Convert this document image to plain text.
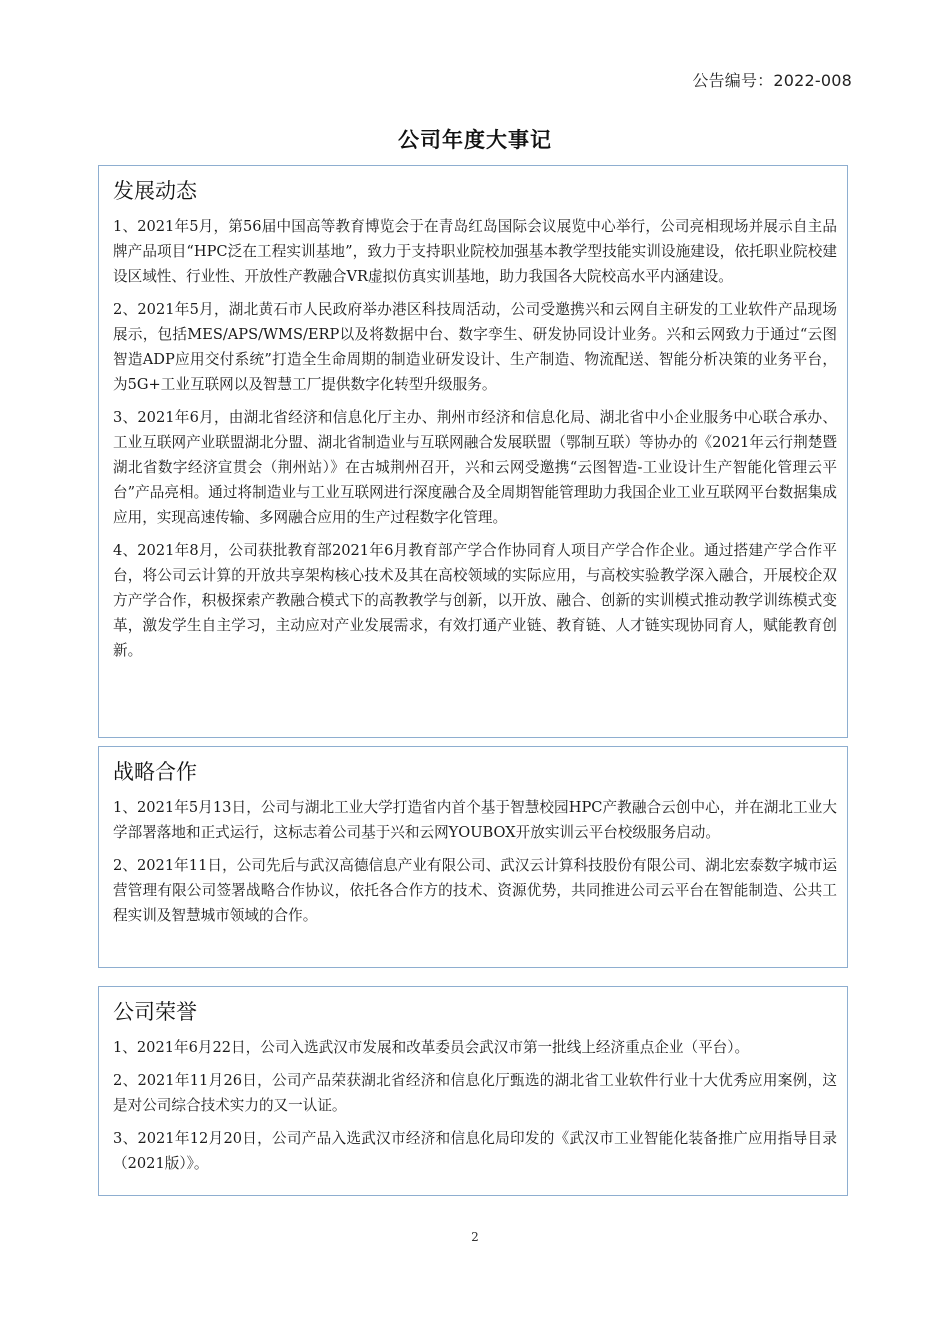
公告编号：2022-008
公司年度大事记
发展动态

1、2021年5月，第56届中国高等教育博览会于在青岛红岛国际会议展览中心举行，公司亮相现场并展示自主品牌产品项目“HPC泛在工程实训基地”，致力于支持职业院校加强基本教学型技能实训设施建设，依托职业院校建设区域性、行业性、开放性产教融合VR虚拟仿真实训基地，助力我国各大院校高水平内涵建设。

2、2021年5月，湖北黄石市人民政府举办港区科技周活动，公司受邀携兴和云网自主研发的工业软件产品现场展示，包括MES/APS/WMS/ERP以及将数据中台、数字孪生、研发协同设计业务。兴和云网致力于通过“云图智造ADP应用交付系统”打造全生命周期的制造业研发设计、生产制造、物流配送、智能分析决策的业务平台，为5G+工业互联网以及智慧工厂提供数字化转型升级服务。

3、2021年6月，由湖北省经济和信息化厅主办、荆州市经济和信息化局、湖北省中小企业服务中心联合承办、工业互联网产业联盟湖北分盟、湖北省制造业与互联网融合发展联盟（鄂制互联）等协办的《2021年云行荆楚暨湖北省数字经济宣贯会（荆州站）》在古城荆州召开，兴和云网受邀携“云图智造-工业设计生产智能化管理云平台”产品亮相。通过将制造业与工业互联网进行深度融合及全周期智能管理助力我国企业工业互联网平台数据集成应用，实现高速传输、多网融合应用的生产过程数字化管理。

4、2021年8月，公司获批教育部2021年6月教育部产学合作协同育人项目产学合作企业。通过搭建产学合作平台，将公司云计算的开放共享架构核心技术及其在高校领域的实际应用，与高校实验教学深入融合，开展校企双方产学合作，积极探索产教融合模式下的高教教学与创新，以开放、融合、创新的实训模式推动教学训练模式变革，激发学生自主学习，主动应对产业发展需求，有效打通产业链、教育链、人才链实现协同育人，赋能教育创新。

战略合作

1、2021年5月13日，公司与湖北工业大学打造省内首个基于智慧校园HPC产教融合云创中心，并在湖北工业大学部署落地和正式运行，这标志着公司基于兴和云网YOUBOX开放实训云平台校级服务启动。

2、2021年11日，公司先后与武汉高德信息产业有限公司、武汉云计算科技股份有限公司、湖北宏泰数字城市运营管理有限公司签署战略合作协议，依托各合作方的技术、资源优势，共同推进公司云平台在智能制造、公共工程实训及智慧城市领域的合作。

公司荣誉

1、2021年6月22日，公司入选武汉市发展和改革委员会武汉市第一批线上经济重点企业（平台）。

2、2021年11月26日，公司产品荣获湖北省经济和信息化厅甄选的湖北省工业软件行业十大优秀应用案例，这是对公司综合技术实力的又一认证。

3、2021年12月20日，公司产品入选武汉市经济和信息化局印发的《武汉市工业智能化装备推广应用指导目录（2021版）》。

2
